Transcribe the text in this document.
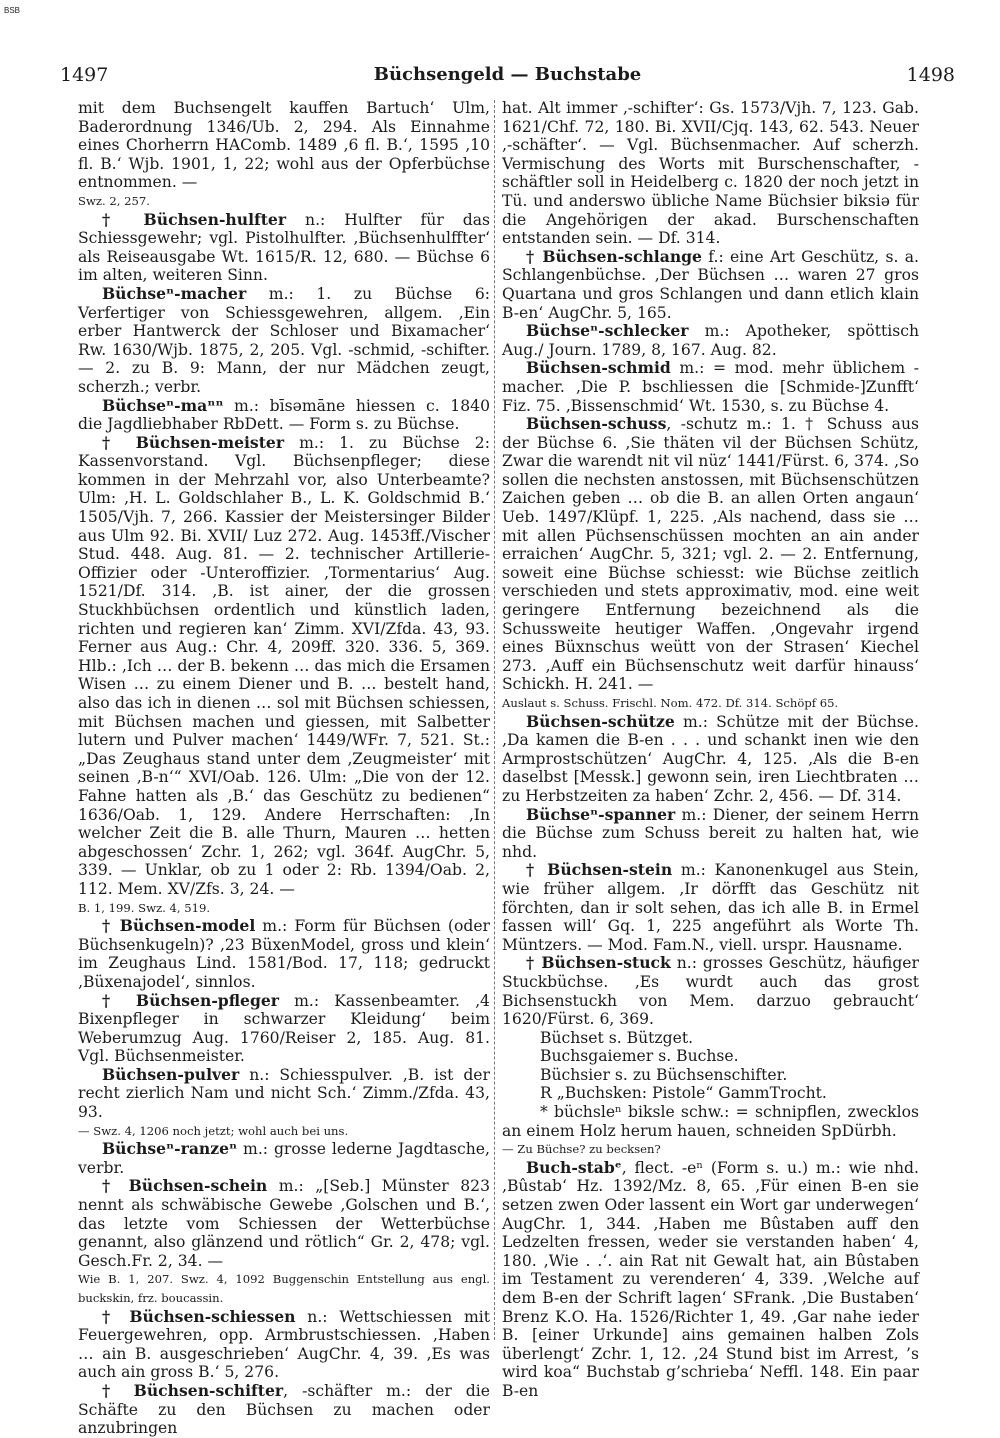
BSB
1497	Büchsengeld — Buchstabe	1498

mit dem Buchsengelt kauffen Bartuch‘ Ulm, Baderordnung 1346/Ub. 2, 294. Als Einnahme eines Chorherrn HAComb. 1489 ‚6 fl. B.‘, 1595 ‚10 fl. B.‘ Wjb. 1901, 1, 22; wohl aus der Opferbüchse entnommen. —

Swz. 2, 257.

† Büchsen-hulfter n.: Hulfter für das Schiessgewehr; vgl. Pistolhulfter. ‚Büchsenhulffter‘ als Reiseausgabe Wt. 1615/R. 12, 680. — Büchse 6 im alten, weiteren Sinn.

Büchseⁿ-macher m.: 1. zu Büchse 6: Verfertiger von Schiessgewehren, allgem. ‚Ein erber Hantwerck der Schloser und Bixamacher‘ Rw. 1630/Wjb. 1875, 2, 205. Vgl. -schmid, -schifter. — 2. zu B. 9: Mann, der nur Mädchen zeugt, scherzh.; verbr.

Büchseⁿ-maⁿⁿ m.: bīsəmāne hiessen c. 1840 die Jagdliebhaber RbDett. — Form s. zu Büchse.

† Büchsen-meister m.: 1. zu Büchse 2: Kassenvorstand. Vgl. Büchsenpfleger; diese kommen in der Mehrzahl vor, also Unterbeamte? Ulm: ‚H. L. Goldschlaher B., L. K. Goldschmid B.‘ 1505/Vjh. 7, 266. Kassier der Meistersinger Bilder aus Ulm 92. Bi. XVII/ Luz 272. Aug. 1453ff./Vischer Stud. 448. Aug. 81. — 2. technischer Artillerie-Offizier oder -Unteroffizier. ‚Tormentarius‘ Aug. 1521/Df. 314. ‚B. ist ainer, der die grossen Stuckhbüchsen ordentlich und künstlich laden, richten und regieren kan‘ Zimm. XVI/Zfda. 43, 93. Ferner aus Aug.: Chr. 4, 209ff. 320. 336. 5, 369. Hlb.: ‚Ich … der B. bekenn … das mich die Ersamen Wisen … zu einem Diener und B. … bestelt hand, also das ich in dienen … sol mit Büchsen schiessen, mit Büchsen machen und giessen, mit Salbetter lutern und Pulver machen‘ 1449/WFr. 7, 521. St.: „Das Zeughaus stand unter dem ‚Zeugmeister‘ mit seinen ‚B-n‘“ XVI/Oab. 126. Ulm: „Die von der 12. Fahne hatten als ‚B.‘ das Geschütz zu bedienen“ 1636/Oab. 1, 129. Andere Herrschaften: ‚In welcher Zeit die B. alle Thurn, Mauren … hetten abgeschossen‘ Zchr. 1, 262; vgl. 364f. AugChr. 5, 339. — Unklar, ob zu 1 oder 2: Rb. 1394/Oab. 2, 112. Mem. XV/Zfs. 3, 24. —

B. 1, 199. Swz. 4, 519.

† Büchsen-model m.: Form für Büchsen (oder Büchsenkugeln)? ‚23 BüxenModel, gross und klein‘ im Zeughaus Lind. 1581/Bod. 17, 118; gedruckt ‚Büxenajodel‘, sinnlos.

† Büchsen-pfleger m.: Kassenbeamter. ‚4 Bixenpfleger in schwarzer Kleidung‘ beim Weberumzug Aug. 1760/Reiser 2, 185. Aug. 81. Vgl. Büchsenmeister.

Büchsen-pulver n.: Schiesspulver. ‚B. ist der recht zierlich Nam und nicht Sch.‘ Zimm./Zfda. 43, 93.

— Swz. 4, 1206 noch jetzt; wohl auch bei uns.

Büchseⁿ-ranzeⁿ m.: grosse lederne Jagdtasche, verbr.

† Büchsen-schein m.: „[Seb.] Münster 823 nennt als schwäbische Gewebe ‚Golschen und B.‘, das letzte vom Schiessen der Wetterbüchse genannt, also glänzend und rötlich“ Gr. 2, 478; vgl. Gesch.Fr. 2, 34. —

Wie B. 1, 207. Swz. 4, 1092 Buggenschin Entstellung aus engl. buckskin, frz. boucassin.

† Büchsen-schiessen n.: Wettschiessen mit Feuergewehren, opp. Armbrustschiessen. ‚Haben … ain B. ausgeschrieben‘ AugChr. 4, 39. ‚Es was auch ain gross B.‘ 5, 276.

† Büchsen-schifter, -schäfter m.: der die Schäfte zu den Büchsen zu machen oder anzubringen

hat. Alt immer ‚-schifter‘: Gs. 1573/Vjh. 7, 123. Gab. 1621/Chf. 72, 180. Bi. XVII/Cjq. 143, 62. 543. Neuer ‚-schäfter‘. — Vgl. Büchsenmacher. Auf scherzh. Vermischung des Worts mit Burschenschafter, -schäftler soll in Heidelberg c. 1820 der noch jetzt in Tü. und anderswo übliche Name Büchsier biksiə für die Angehörigen der akad. Burschenschaften entstanden sein. — Df. 314.

† Büchsen-schlange f.: eine Art Geschütz, s. a. Schlangenbüchse. ‚Der Büchsen … waren 27 gros Quartana und gros Schlangen und dann etlich klain B-en‘ AugChr. 5, 165.

Büchseⁿ-schlecker m.: Apotheker, spöttisch Aug./ Journ. 1789, 8, 167. Aug. 82.

Büchsen-schmid m.: = mod. mehr üblichem -macher. ‚Die P. bschliessen die [Schmide-]Zunfft‘ Fiz. 75. ‚Bissenschmid‘ Wt. 1530, s. zu Büchse 4.

Büchsen-schuss, -schutz m.: 1. † Schuss aus der Büchse 6. ‚Sie thäten vil der Büchsen Schütz, Zwar die warendt nit vil nüz‘ 1441/Fürst. 6, 374. ‚So sollen die nechsten anstossen, mit Büchsenschützen Zaichen geben … ob die B. an allen Orten angaun‘ Ueb. 1497/Klüpf. 1, 225. ‚Als nachend, dass sie … mit allen Püchsenschüssen mochten an ain ander erraichen‘ AugChr. 5, 321; vgl. 2. — 2. Entfernung, soweit eine Büchse schiesst: wie Büchse zeitlich verschieden und stets approximativ, mod. eine weit geringere Entfernung bezeichnend als die Schussweite heutiger Waffen. ‚Ongevahr irgend eines Büxnschus weütt von der Strasen‘ Kiechel 273. ‚Auff ein Büchsenschutz weit darfür hinauss‘ Schickh. H. 241. —

Auslaut s. Schuss. Frischl. Nom. 472. Df. 314. Schöpf 65.

Büchsen-schütze m.: Schütze mit der Büchse. ‚Da kamen die B-en . . . und schankt inen wie den Armprostschützen‘ AugChr. 4, 125. ‚Als die B-en daselbst [Messk.] gewonn sein, iren Liechtbraten … zu Herbstzeiten za haben‘ Zchr. 2, 456. — Df. 314.

Büchseⁿ-spanner m.: Diener, der seinem Herrn die Büchse zum Schuss bereit zu halten hat, wie nhd.

† Büchsen-stein m.: Kanonenkugel aus Stein, wie früher allgem. ‚Ir dörfft das Geschütz nit förchten, dan ir solt sehen, das ich alle B. in Ermel fassen will‘ Gq. 1, 225 angeführt als Worte Th. Müntzers. — Mod. Fam.N., viell. urspr. Hausname.

† Büchsen-stuck n.: grosses Geschütz, häufiger Stuckbüchse. ‚Es wurdt auch das grost Bichsenstuckh von Mem. darzuo gebraucht‘ 1620/Fürst. 6, 369.

Büchset s. Bützget.

Buchsgaiemer s. Buchse.

Büchsier s. zu Büchsenschifter.

R „Buchsken: Pistole“ GammTrocht.

* büchsleⁿ biksle schw.: = schnipflen, zwecklos an einem Holz herum hauen, schneiden SpDürbh.

— Zu Büchse? zu becksen?

Buch-stabᵉ, flect. -eⁿ (Form s. u.) m.: wie nhd. ‚Bûstab‘ Hz. 1392/Mz. 8, 65. ‚Für einen B-en sie setzen zwen Oder lassent ein Wort gar underwegen‘ AugChr. 1, 344. ‚Haben me Bûstaben auff den Ledzelten fressen, weder sie verstanden haben‘ 4, 180. ‚Wie . .‘. ain Rat nit Gewalt hat, ain Bûstaben im Testament zu verenderen‘ 4, 339. ‚Welche auf dem B-en der Schrift lagen‘ SFrank. ‚Die Bustaben‘ Brenz K.O. Ha. 1526/Richter 1, 49. ‚Gar nahe ieder B. [einer Urkunde] ains gemainen halben Zols überlengt‘ Zchr. 1, 12. ‚24 Stund bist im Arrest, ’s wird koa“ Buchstab g’schrieba‘ Neffl. 148. Ein paar B-en
